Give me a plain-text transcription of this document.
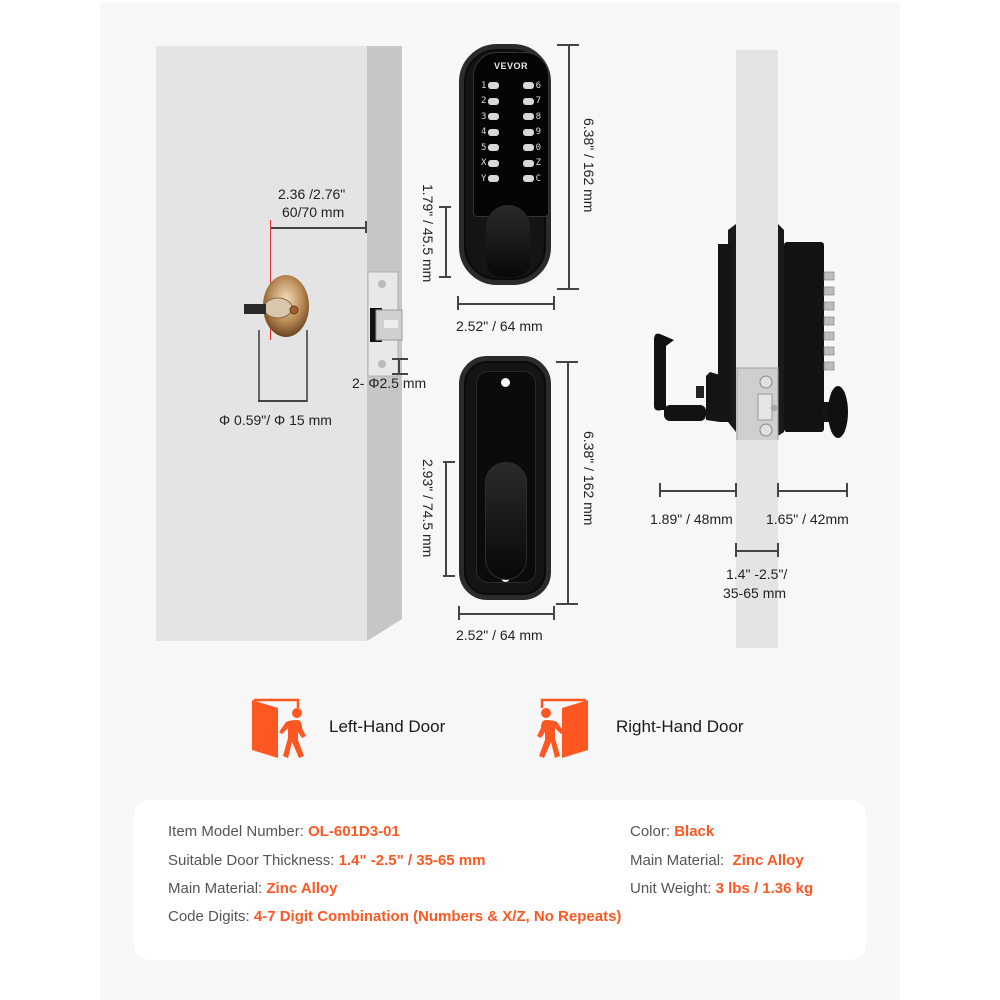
2.36 /2.76"
60/70 mm
Φ 0.59"/ Φ 15 mm
2- Φ2.5 mm
VEVOR
1	6
2	7
3	8
4	9
5	0
X	Z
Y	C	6.38" / 162 mm
1.79" / 45.5 mm
2.52" / 64 mm
6.38" / 162 mm
2.93" / 74.5 mm
2.52" / 64 mm
1.89" / 48mm 1.65" / 42mm
1.4" -2.5"/
35-65 mm
Left-Hand Door	Right-Hand Door
Item Model Number: OL-601D3-01
Suitable Door Thickness: 1.4" -2.5" / 35-65 mm
Main Material: Zinc Alloy
Code Digits: 4-7 Digit Combination (Numbers & X/Z, No Repeats)
Color: Black
Main Material:  Zinc Alloy
Unit Weight: 3 lbs / 1.36 kg
